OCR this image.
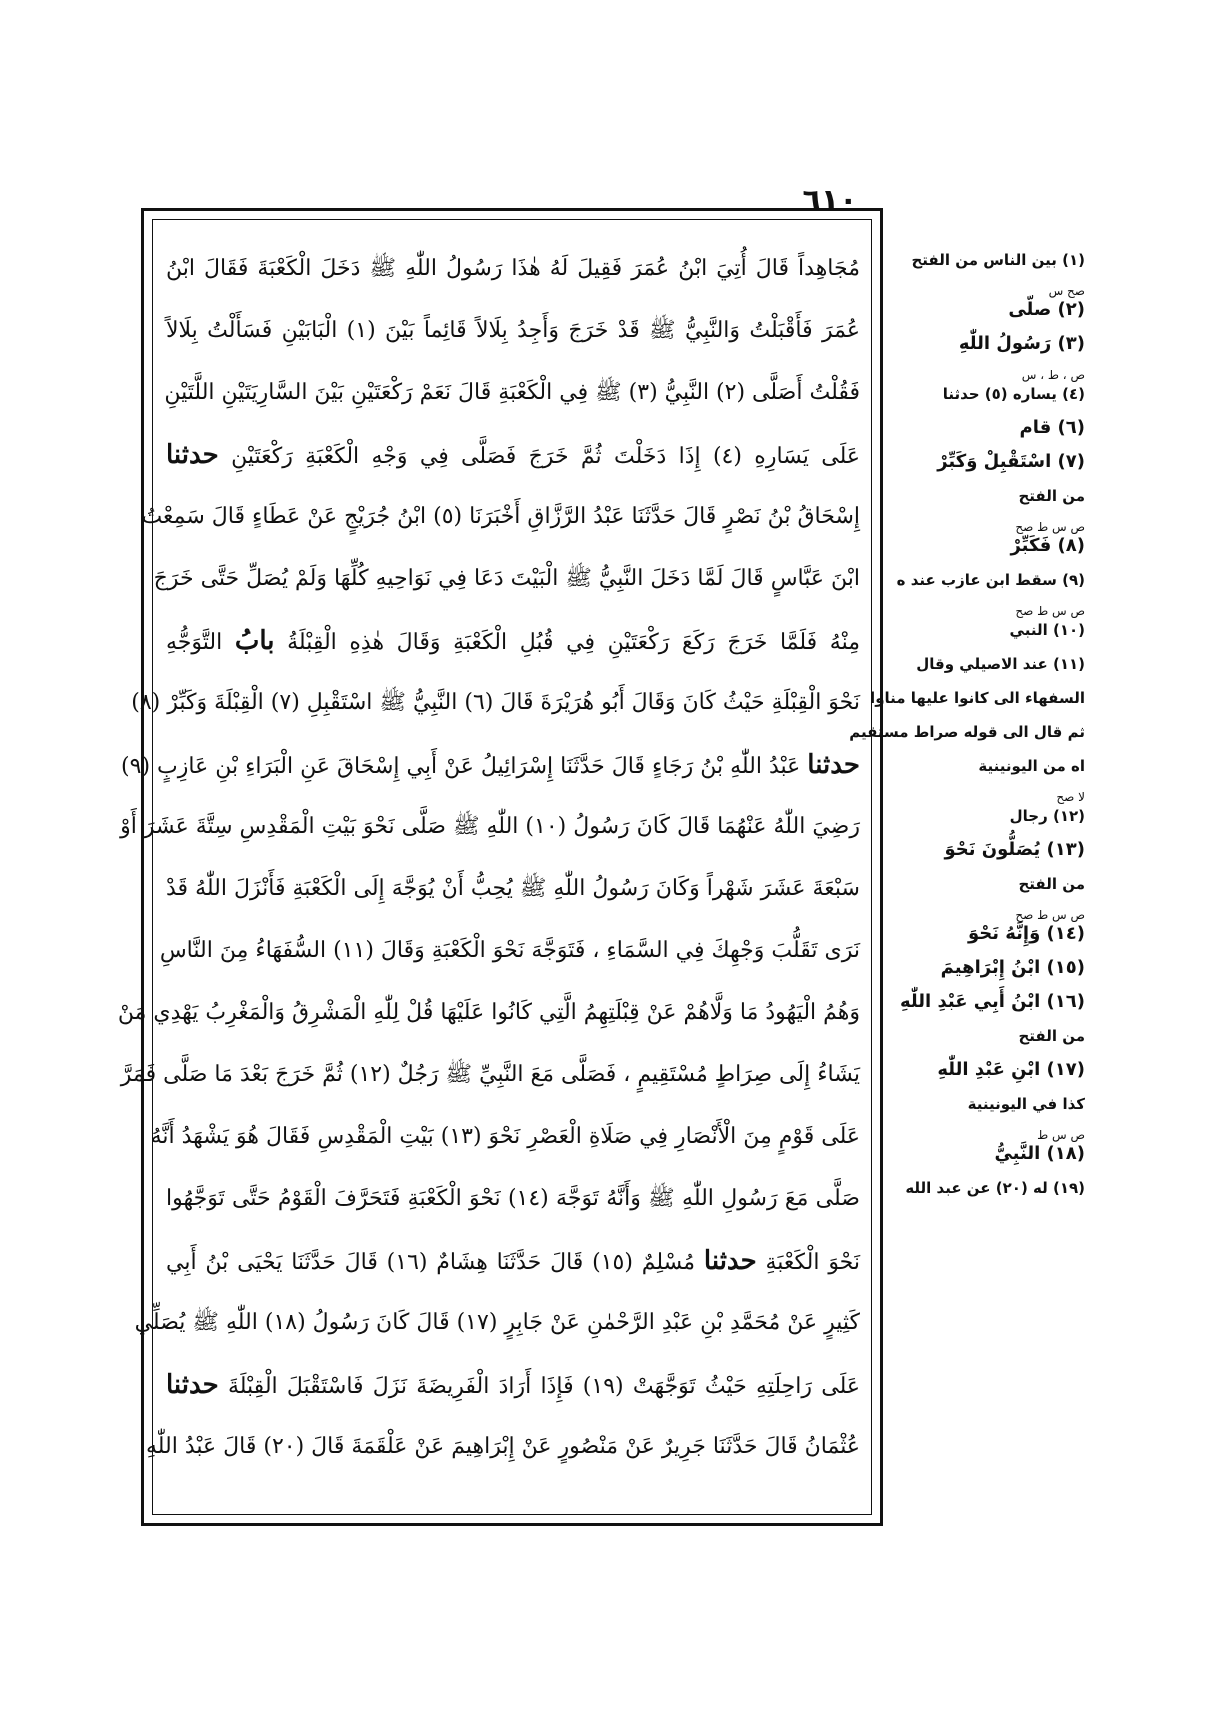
٦١٠
مُجَاهِداً قَالَ أُتِيَ ابْنُ عُمَرَ فَقِيلَ لَهُ هٰذَا رَسُولُ اللّٰهِ ﷺ دَخَلَ الْكَعْبَةَ فَقَالَ ابْنُ
عُمَرَ فَأَقْبَلْتُ وَالنَّبِيُّ ﷺ قَدْ خَرَجَ وَأَجِدُ بِلَالاً قَائِماً بَيْنَ (١) الْبَابَيْنِ فَسَأَلْتُ بِلَالاً
فَقُلْتُ أَصَلَّى (٢) النَّبِيُّ (٣) ﷺ فِي الْكَعْبَةِ قَالَ نَعَمْ رَكْعَتَيْنِ بَيْنَ السَّارِيَتَيْنِ اللَّتَيْنِ
عَلَى يَسَارِهِ (٤) إِذَا دَخَلْتَ ثُمَّ خَرَجَ فَصَلَّى فِي وَجْهِ الْكَعْبَةِ رَكْعَتَيْنِ حدثنا
إِسْحَاقُ بْنُ نَصْرٍ قَالَ حَدَّثَنَا عَبْدُ الرَّزَّاقِ أَخْبَرَنَا (٥) ابْنُ جُرَيْجٍ عَنْ عَطَاءٍ قَالَ سَمِعْتُ
ابْنَ عَبَّاسٍ قَالَ لَمَّا دَخَلَ النَّبِيُّ ﷺ الْبَيْتَ دَعَا فِي نَوَاحِيهِ كُلِّهَا وَلَمْ يُصَلِّ حَتَّى خَرَجَ
مِنْهُ فَلَمَّا خَرَجَ رَكَعَ رَكْعَتَيْنِ فِي قُبُلِ الْكَعْبَةِ وَقَالَ هٰذِهِ الْقِبْلَةُ بابُ التَّوَجُّهِ
نَحْوَ الْقِبْلَةِ حَيْثُ كَانَ وَقَالَ أَبُو هُرَيْرَةَ قَالَ (٦) النَّبِيُّ ﷺ اسْتَقْبِلِ (٧) الْقِبْلَةَ وَكَبِّرْ (٨)
حدثنا عَبْدُ اللّٰهِ بْنُ رَجَاءٍ قَالَ حَدَّثَنَا إِسْرَائِيلُ عَنْ أَبِي إِسْحَاقَ عَنِ الْبَرَاءِ بْنِ عَازِبٍ (٩)
رَضِيَ اللّٰهُ عَنْهُمَا قَالَ كَانَ رَسُولُ (١٠) اللّٰهِ ﷺ صَلَّى نَحْوَ بَيْتِ الْمَقْدِسِ سِتَّةَ عَشَرَ أَوْ
سَبْعَةَ عَشَرَ شَهْراً وَكَانَ رَسُولُ اللّٰهِ ﷺ يُحِبُّ أَنْ يُوَجَّهَ إِلَى الْكَعْبَةِ فَأَنْزَلَ اللّٰهُ قَدْ
نَرَى تَقَلُّبَ وَجْهِكَ فِي السَّمَاءِ ، فَتَوَجَّهَ نَحْوَ الْكَعْبَةِ وَقَالَ (١١) السُّفَهَاءُ مِنَ النَّاسِ
وَهُمُ الْيَهُودُ مَا وَلَّاهُمْ عَنْ قِبْلَتِهِمُ الَّتِي كَانُوا عَلَيْهَا قُلْ لِلّٰهِ الْمَشْرِقُ وَالْمَغْرِبُ يَهْدِي مَنْ
يَشَاءُ إِلَى صِرَاطٍ مُسْتَقِيمٍ ، فَصَلَّى مَعَ النَّبِيِّ ﷺ رَجُلٌ (١٢) ثُمَّ خَرَجَ بَعْدَ مَا صَلَّى فَمَرَّ
عَلَى قَوْمٍ مِنَ الْأَنْصَارِ فِي صَلَاةِ الْعَصْرِ نَحْوَ (١٣) بَيْتِ الْمَقْدِسِ فَقَالَ هُوَ يَشْهَدُ أَنَّهُ
صَلَّى مَعَ رَسُولِ اللّٰهِ ﷺ وَأَنَّهُ تَوَجَّهَ (١٤) نَحْوَ الْكَعْبَةِ فَتَحَرَّفَ الْقَوْمُ حَتَّى تَوَجَّهُوا
نَحْوَ الْكَعْبَةِ حدثنا مُسْلِمٌ (١٥) قَالَ حَدَّثَنَا هِشَامٌ (١٦) قَالَ حَدَّثَنَا يَحْيَى بْنُ أَبِي
كَثِيرٍ عَنْ مُحَمَّدِ بْنِ عَبْدِ الرَّحْمٰنِ عَنْ جَابِرٍ (١٧) قَالَ كَانَ رَسُولُ (١٨) اللّٰهِ ﷺ يُصَلِّي
عَلَى رَاحِلَتِهِ حَيْثُ تَوَجَّهَتْ (١٩) فَإِذَا أَرَادَ الْفَرِيضَةَ نَزَلَ فَاسْتَقْبَلَ الْقِبْلَةَ حدثنا
عُثْمَانُ قَالَ حَدَّثَنَا جَرِيرٌ عَنْ مَنْصُورٍ عَنْ إِبْرَاهِيمَ عَنْ عَلْقَمَةَ قَالَ (٢٠) قَالَ عَبْدُ اللّٰهِ
(١) بين الناس من الفتح
صح س
(٢) صلّى
(٣) رَسُولُ اللّٰهِ
ص ، ط ، س
(٤) يساره (٥) حدثنا
(٦) قام
(٧) اسْتَقْبِلْ وَكَبِّرْ
من الفتح
ص س ط صح
(٨) فَكَبِّرْ
(٩) سقط ابن عازب عند ه
ص س ط صح
(١٠) النبي
(١١) عند الاصيلي وقال
السفهاء الى كانوا عليها مناوا
ثم قال الى قوله صراط مستقيم
اه من اليونينية
لا صح
(١٢) رجال
(١٣) يُصَلُّونَ نَحْوَ
من الفتح
ص س ط صح
(١٤) وَإِنَّهُ نَحْوَ
(١٥) ابْنُ إِبْرَاهِيمَ
(١٦) ابْنُ أَبِي عَبْدِ اللّٰهِ
من الفتح
(١٧) ابْنِ عَبْدِ اللّٰهِ
كذا في اليونينية
ص س ط
(١٨) النَّبِيُّ
(١٩) له (٢٠) عن عبد الله
